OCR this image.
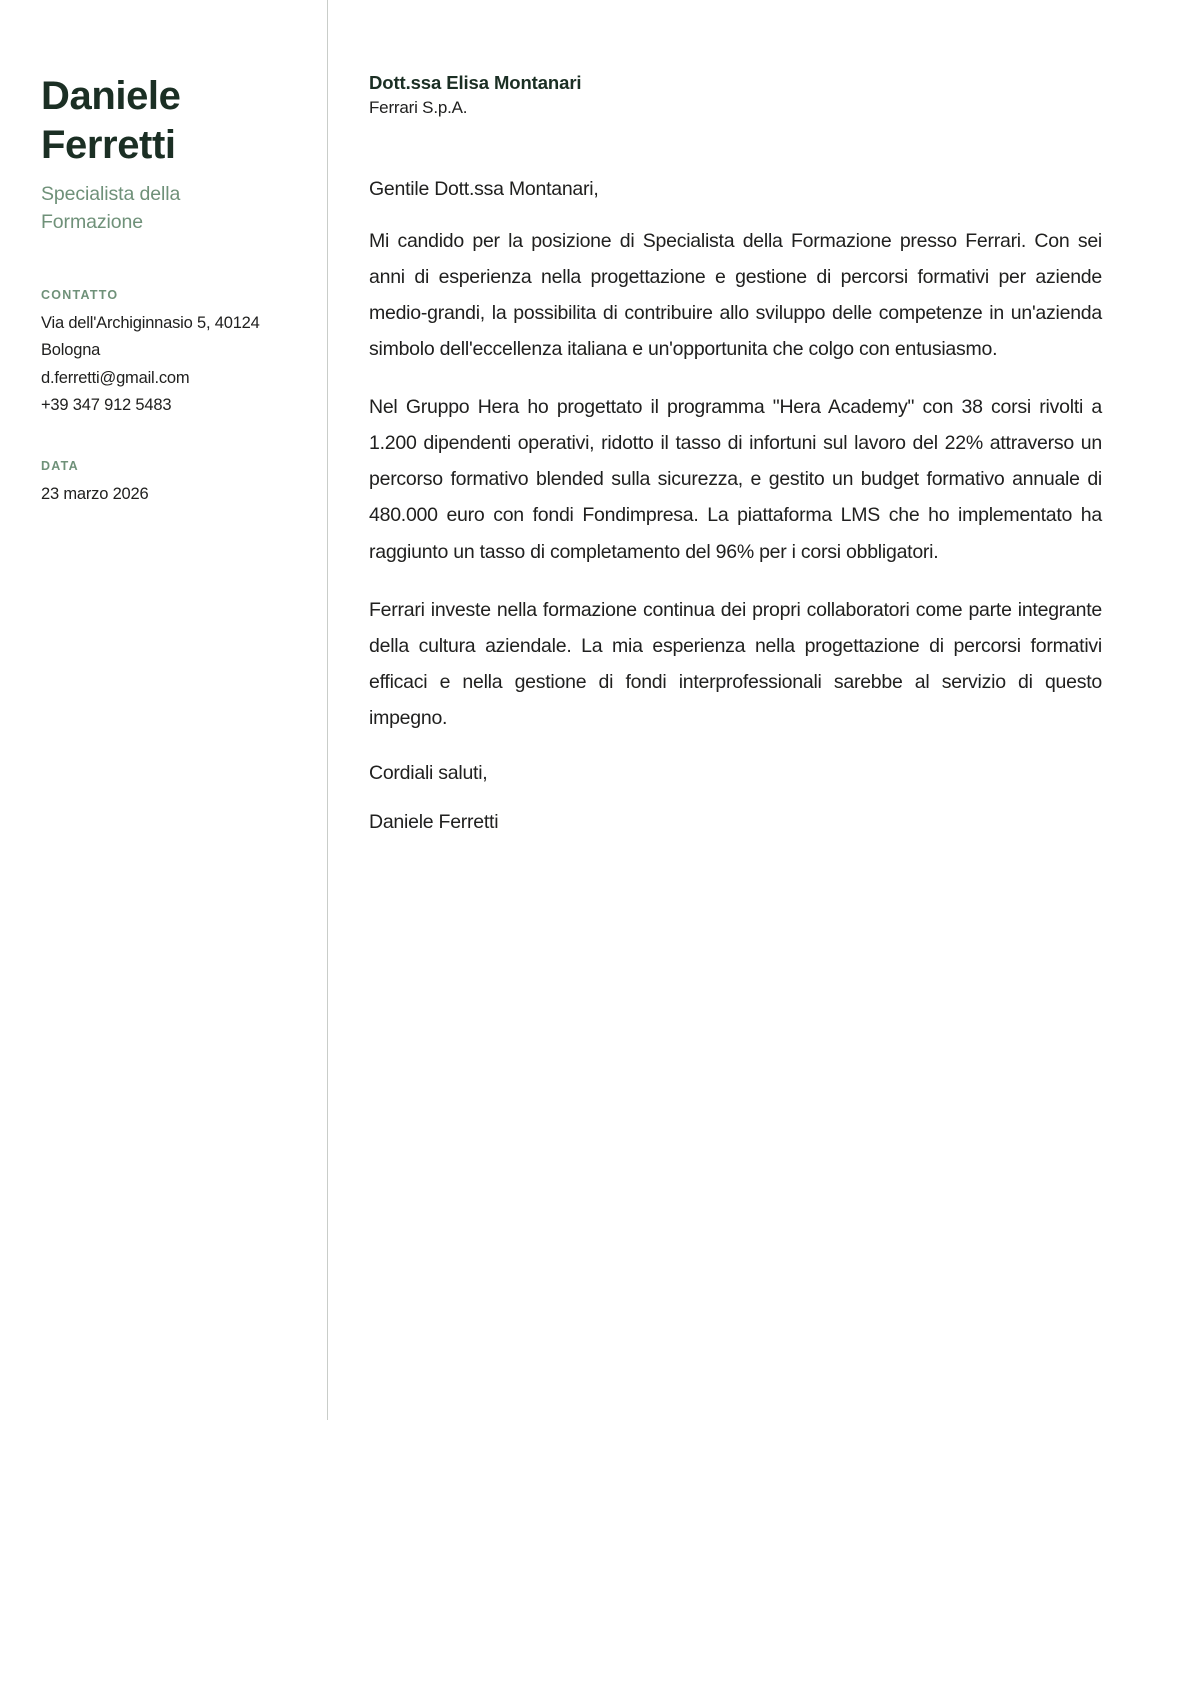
Daniele Ferretti

Specialista della Formazione

CONTATTO

Via dell'Archiginnasio 5, 40124

Bologna

d.ferretti@gmail.com

+39 347 912 5483

DATA

23 marzo 2026

Dott.ssa Elisa Montanari

Ferrari S.p.A.

Gentile Dott.ssa Montanari,

Mi candido per la posizione di Specialista della Formazione presso Ferrari. Con sei anni di esperienza nella progettazione e gestione di percorsi formativi per aziende medio-grandi, la possibilita di contribuire allo sviluppo delle competenze in un'azienda simbolo dell'eccellenza italiana e un'opportunita che colgo con entusiasmo.

Nel Gruppo Hera ho progettato il programma "Hera Academy" con 38 corsi rivolti a 1.200 dipendenti operativi, ridotto il tasso di infortuni sul lavoro del 22% attraverso un percorso formativo blended sulla sicurezza, e gestito un budget formativo annuale di 480.000 euro con fondi Fondimpresa. La piattaforma LMS che ho implementato ha raggiunto un tasso di completamento del 96% per i corsi obbligatori.

Ferrari investe nella formazione continua dei propri collaboratori come parte integrante della cultura aziendale. La mia esperienza nella progettazione di percorsi formativi efficaci e nella gestione di fondi interprofessionali sarebbe al servizio di questo impegno.

Cordiali saluti,

Daniele Ferretti
